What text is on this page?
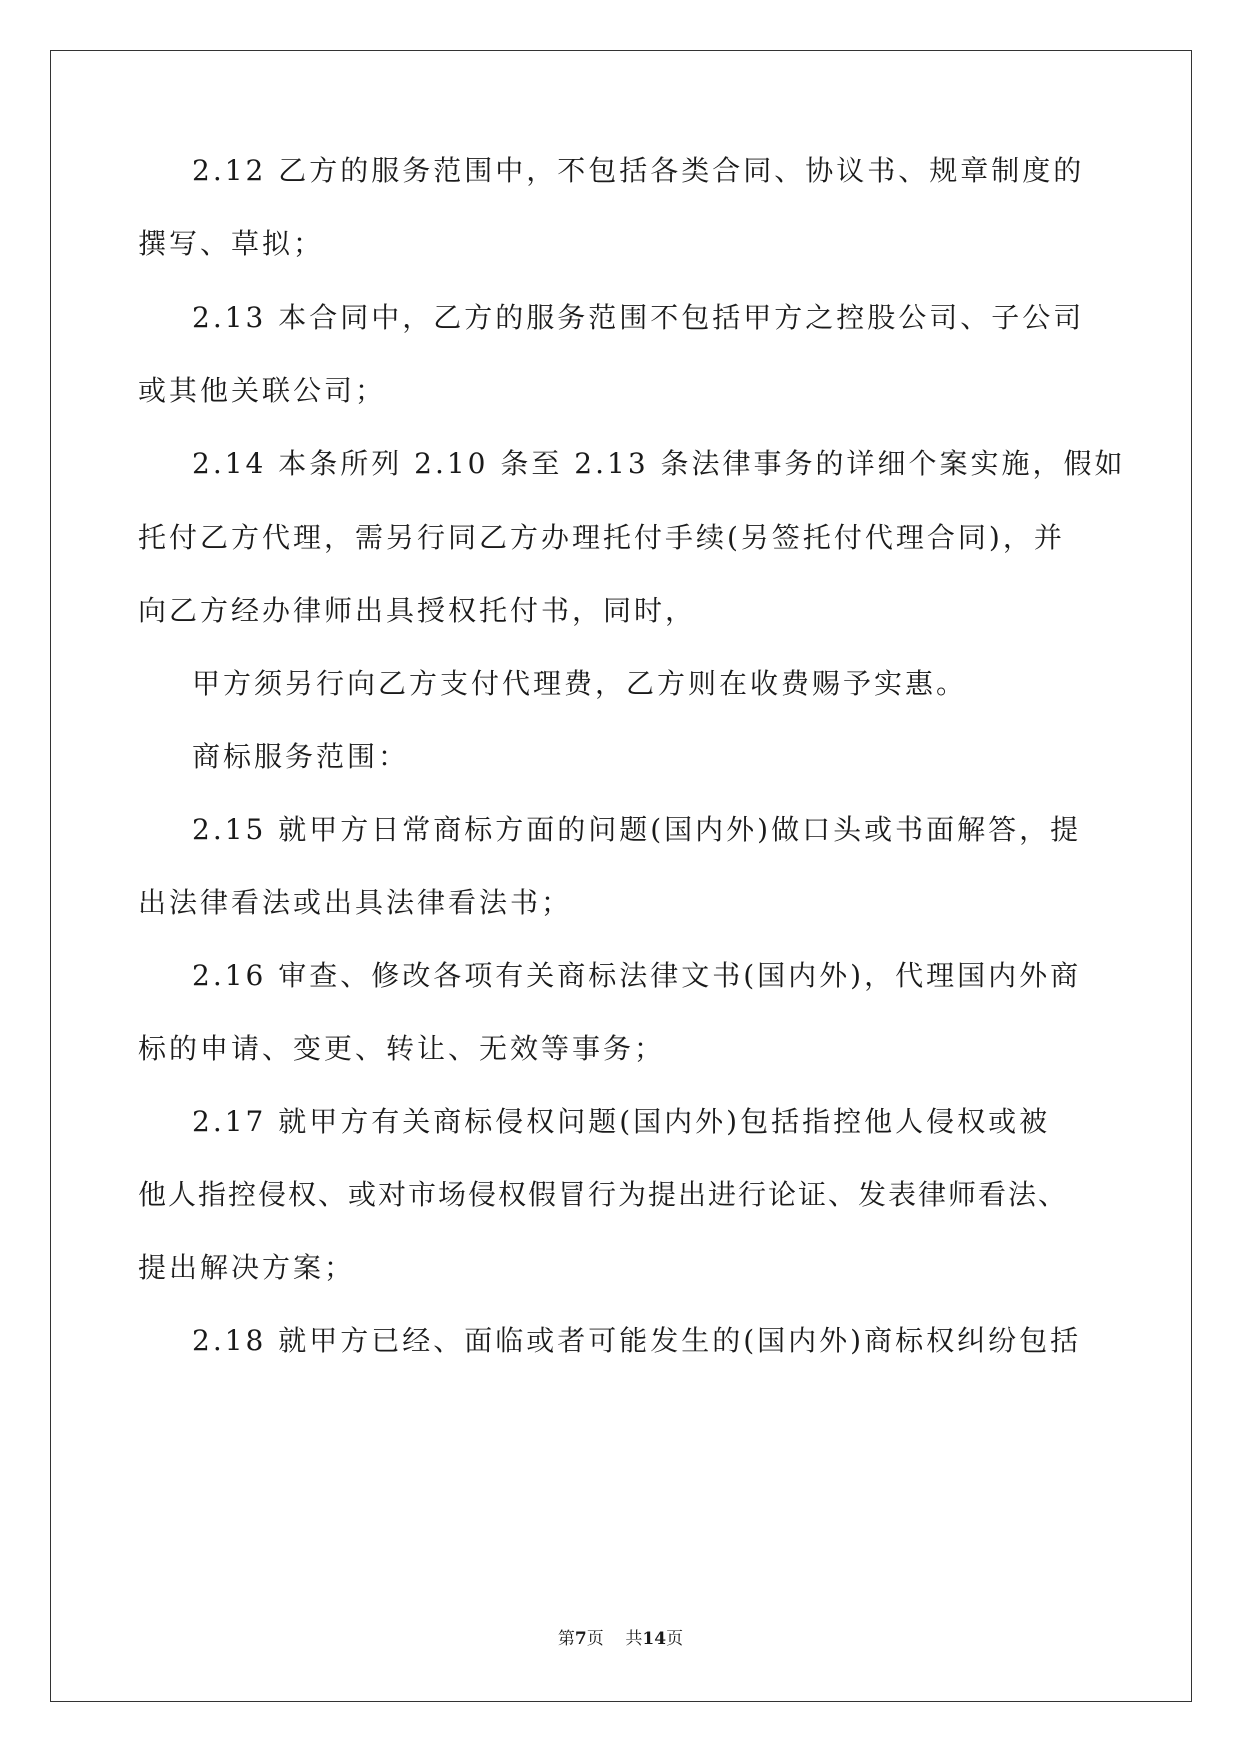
2.12 乙方的服务范围中，不包括各类合同、协议书、规章制度的
撰写、草拟；
2.13 本合同中，乙方的服务范围不包括甲方之控股公司、子公司
或其他关联公司；
2.14 本条所列 2.10 条至 2.13 条法律事务的详细个案实施，假如
托付乙方代理，需另行同乙方办理托付手续(另签托付代理合同)，并
向乙方经办律师出具授权托付书，同时，
甲方须另行向乙方支付代理费，乙方则在收费赐予实惠。
商标服务范围：
2.15 就甲方日常商标方面的问题(国内外)做口头或书面解答，提
出法律看法或出具法律看法书；
2.16 审查、修改各项有关商标法律文书(国内外)，代理国内外商
标的申请、变更、转让、无效等事务；
2.17 就甲方有关商标侵权问题(国内外)包括指控他人侵权或被
他人指控侵权、或对市场侵权假冒行为提出进行论证、发表律师看法、
提出解决方案；
2.18 就甲方已经、面临或者可能发生的(国内外)商标权纠纷包括
第7页 共14页
